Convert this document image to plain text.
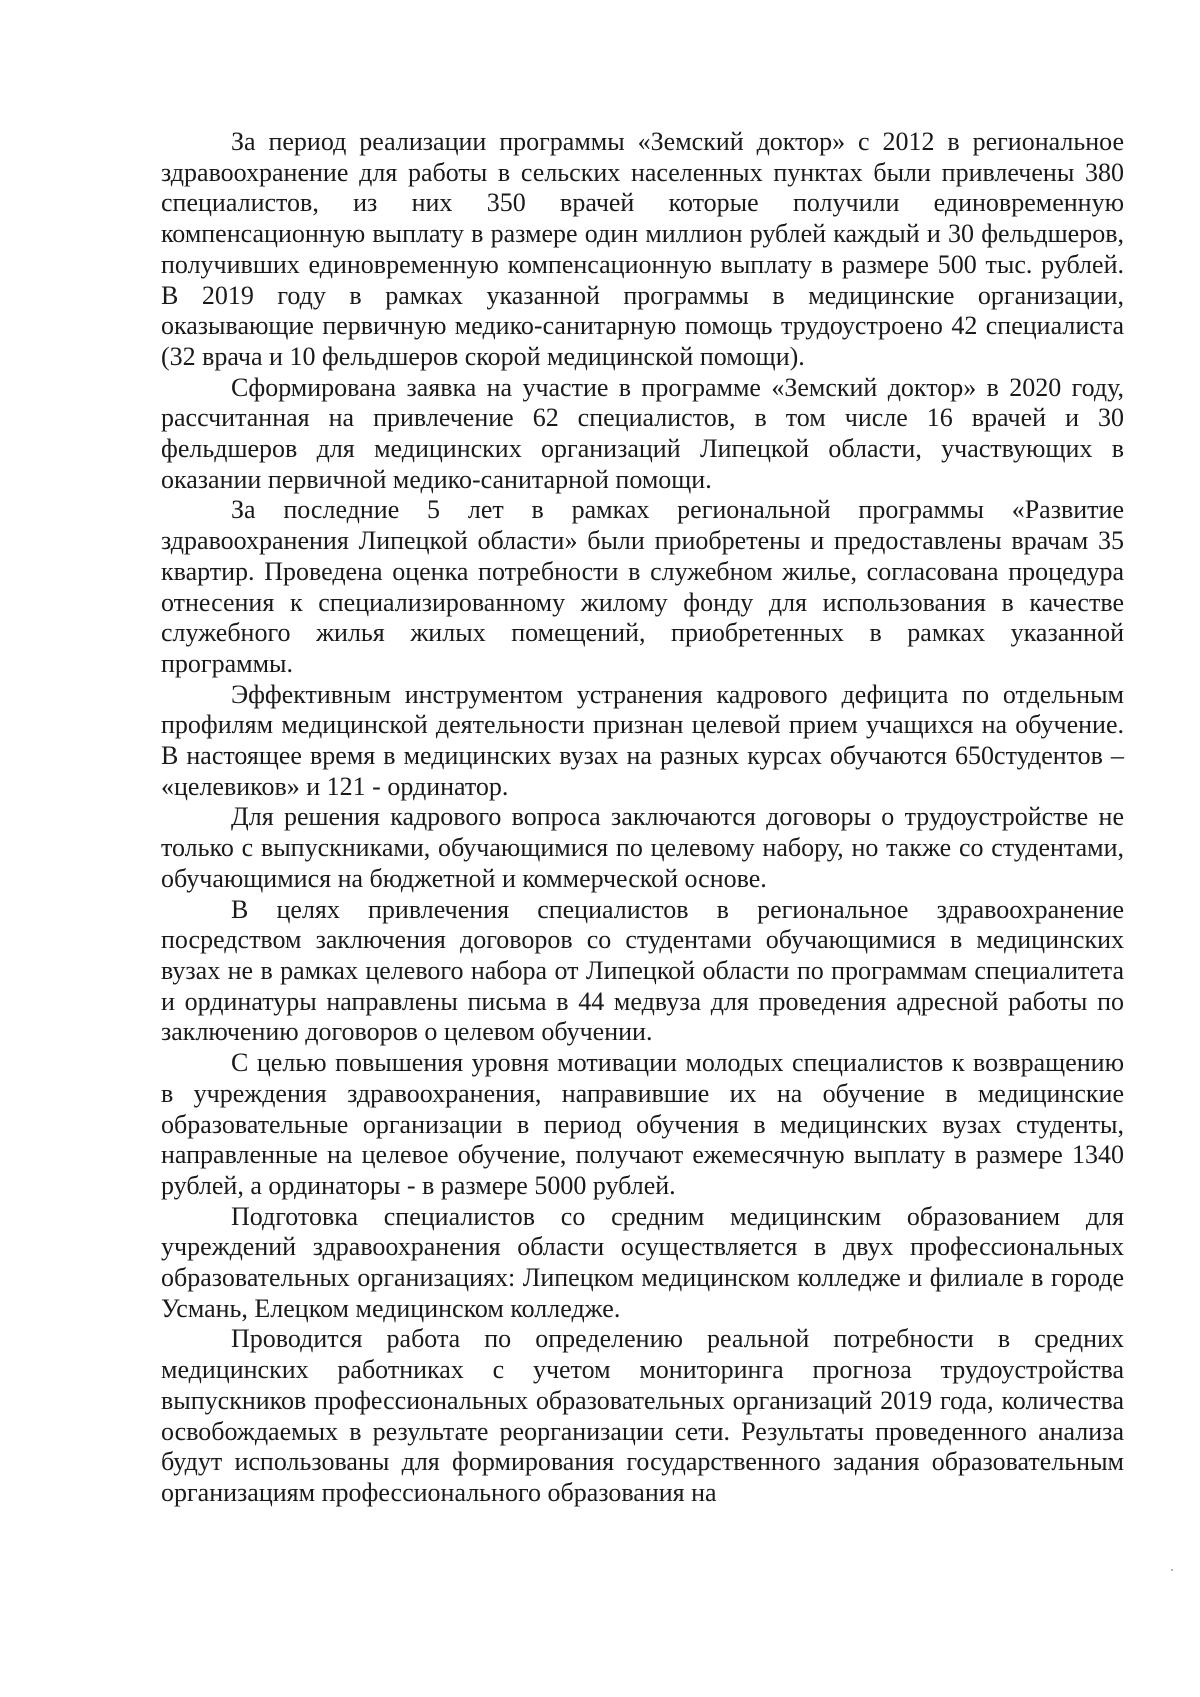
За период реализации программы «Земский доктор» с 2012 в региональное здравоохранение для работы в сельских населенных пунктах были привлечены 380 специалистов, из них 350 врачей которые получили единовременную компенсационную выплату в размере один миллион рублей каждый и 30 фельдшеров, получивших единовременную компенсационную выплату в размере 500 тыс. рублей. В 2019 году в рамках указанной программы в медицинские организации, оказывающие первичную медико-санитарную помощь трудоустроено 42 специалиста (32 врача и 10 фельдшеров скорой медицинской помощи).

Сформирована заявка на участие в программе «Земский доктор» в 2020 году, рассчитанная на привлечение 62 специалистов, в том числе 16 врачей и 30 фельдшеров для медицинских организаций Липецкой области, участвующих в оказании первичной медико-санитарной помощи.

За последние 5 лет в рамках региональной программы «Развитие здравоохранения Липецкой области» были приобретены и предоставлены врачам 35 квартир. Проведена оценка потребности в служебном жилье, согласована процедура отнесения к специализированному жилому фонду для использования в качестве служебного жилья жилых помещений, приобретенных в рамках указанной программы.

Эффективным инструментом устранения кадрового дефицита по отдельным профилям медицинской деятельности признан целевой прием учащихся на обучение. В настоящее время в медицинских вузах на разных курсах обучаются 650студентов – «целевиков» и 121 - ординатор.

Для решения кадрового вопроса заключаются договоры о трудоустройстве не только с выпускниками, обучающимися по целевому набору, но также со студентами, обучающимися на бюджетной и коммерческой основе.

В целях привлечения специалистов в региональное здравоохранение посредством заключения договоров со студентами обучающимися в медицинских вузах не в рамках целевого набора от Липецкой области по программам специалитета и ординатуры направлены письма в 44 медвуза для проведения адресной работы по заключению договоров о целевом обучении.

С целью повышения уровня мотивации молодых специалистов к возвращению в учреждения здравоохранения, направившие их на обучение в медицинские образовательные организации в период обучения в медицинских вузах студенты, направленные на целевое обучение, получают ежемесячную выплату в размере 1340 рублей, а ординаторы - в размере 5000 рублей.

Подготовка специалистов со средним медицинским образованием для учреждений здравоохранения области осуществляется в двух профессиональных образовательных организациях: Липецком медицинском колледже и филиале в городе Усмань, Елецком медицинском колледже.

Проводится работа по определению реальной потребности в средних медицинских работниках с учетом мониторинга прогноза трудоустройства выпускников профессиональных образовательных организаций 2019 года, количества освобождаемых в результате реорганизации сети. Результаты проведенного анализа будут использованы для формирования государственного задания образовательным организациям профессионального образования на
